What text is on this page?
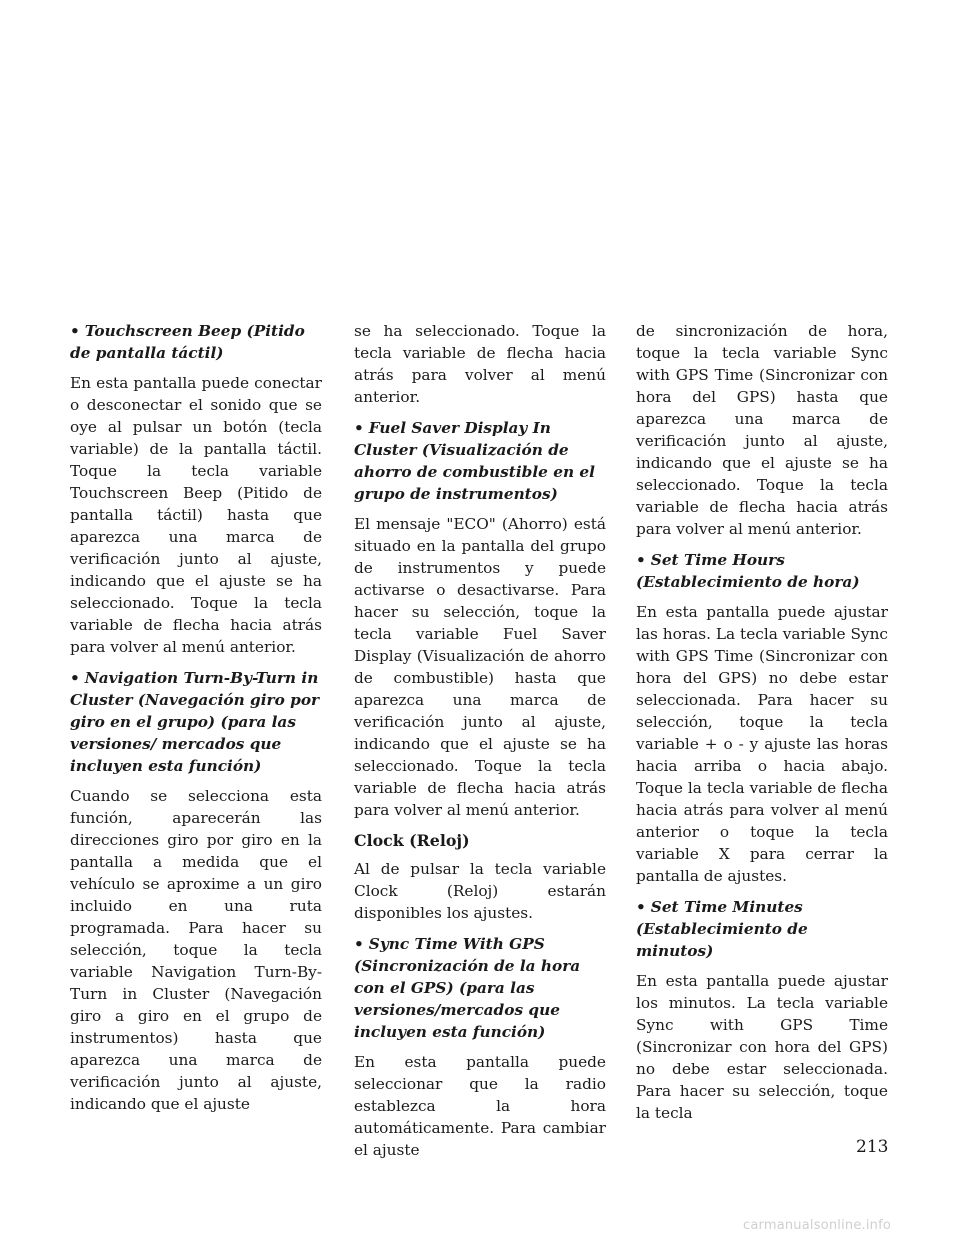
• Touchscreen Beep (Pitido de pantalla táctil)

En esta pantalla puede conectar o desconectar el sonido que se oye al pulsar un botón (tecla variable) de la pantalla táctil. Toque la tecla variable Touchscreen Beep (Pitido de pantalla táctil) hasta que aparezca una marca de verificación junto al ajuste, indicando que el ajuste se ha seleccionado. Toque la tecla variable de flecha hacia atrás para volver al menú anterior.

• Navigation Turn-By-Turn in Cluster (Navegación giro por giro en el grupo) (para las versiones/ mercados que incluyen esta función)

Cuando se selecciona esta función, aparecerán las direcciones giro por giro en la pantalla a medida que el vehículo se aproxime a un giro incluido en una ruta programada. Para hacer su selección, toque la tecla variable Navigation Turn-By-Turn in Cluster (Navegación giro a giro en el grupo de instrumentos) hasta que aparezca una marca de verificación junto al ajuste, indicando que el ajuste

se ha seleccionado. Toque la tecla variable de flecha hacia atrás para volver al menú anterior.

• Fuel Saver Display In Cluster (Visualización de ahorro de combustible en el grupo de instrumentos)

El mensaje "ECO" (Ahorro) está situado en la pantalla del grupo de instrumentos y puede activarse o desactivarse. Para hacer su selección, toque la tecla variable Fuel Saver Display (Visualización de ahorro de combustible) hasta que aparezca una marca de verificación junto al ajuste, indicando que el ajuste se ha seleccionado. Toque la tecla variable de flecha hacia atrás para volver al menú anterior.

Clock (Reloj)

Al de pulsar la tecla variable Clock (Reloj) estarán disponibles los ajustes.

• Sync Time With GPS (Sincronización de la hora con el GPS) (para las versiones/mercados que incluyen esta función)

En esta pantalla puede seleccionar que la radio establezca la hora automáticamente. Para cambiar el ajuste

de sincronización de hora, toque la tecla variable Sync with GPS Time (Sincronizar con hora del GPS) hasta que aparezca una marca de verificación junto al ajuste, indicando que el ajuste se ha seleccionado. Toque la tecla variable de flecha hacia atrás para volver al menú anterior.

• Set Time Hours (Establecimiento de hora)

En esta pantalla puede ajustar las horas. La tecla variable Sync with GPS Time (Sincronizar con hora del GPS) no debe estar seleccionada. Para hacer su selección, toque la tecla variable + o - y ajuste las horas hacia arriba o hacia abajo. Toque la tecla variable de flecha hacia atrás para volver al menú anterior o toque la tecla variable X para cerrar la pantalla de ajustes.

• Set Time Minutes (Establecimiento de minutos)

En esta pantalla puede ajustar los minutos. La tecla variable Sync with GPS Time (Sincronizar con hora del GPS) no debe estar seleccionada. Para hacer su selección, toque la tecla

213
carmanualsonline.info
